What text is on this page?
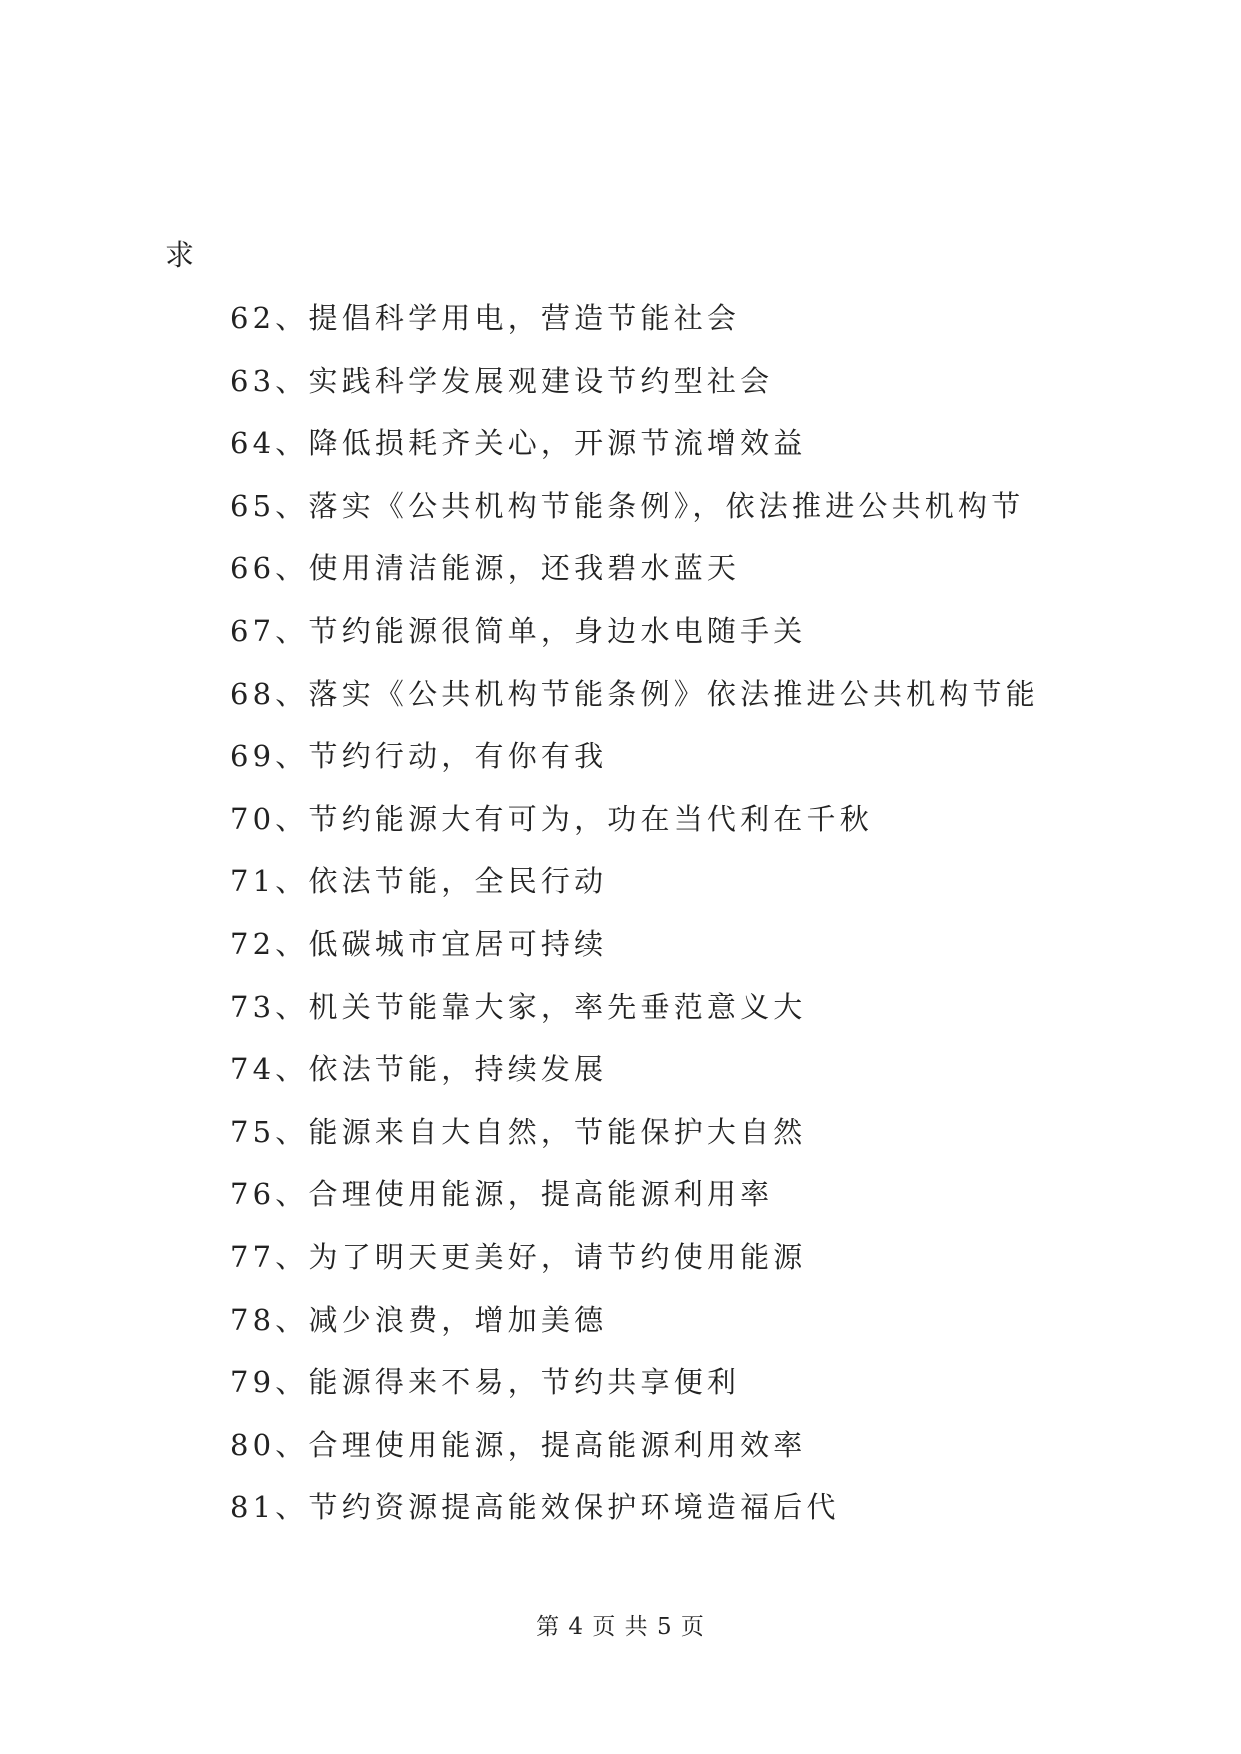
求
62、提倡科学用电，营造节能社会
63、实践科学发展观建设节约型社会
64、降低损耗齐关心，开源节流增效益
65、落实《公共机构节能条例》，依法推进公共机构节
66、使用清洁能源，还我碧水蓝天
67、节约能源很简单，身边水电随手关
68、落实《公共机构节能条例》依法推进公共机构节能
69、节约行动，有你有我
70、节约能源大有可为，功在当代利在千秋
71、依法节能，全民行动
72、低碳城市宜居可持续
73、机关节能靠大家，率先垂范意义大
74、依法节能，持续发展
75、能源来自大自然，节能保护大自然
76、合理使用能源，提高能源利用率
77、为了明天更美好，请节约使用能源
78、减少浪费，增加美德
79、能源得来不易，节约共享便利
80、合理使用能源，提高能源利用效率
81、节约资源提高能效保护环境造福后代
第 4 页 共 5 页
